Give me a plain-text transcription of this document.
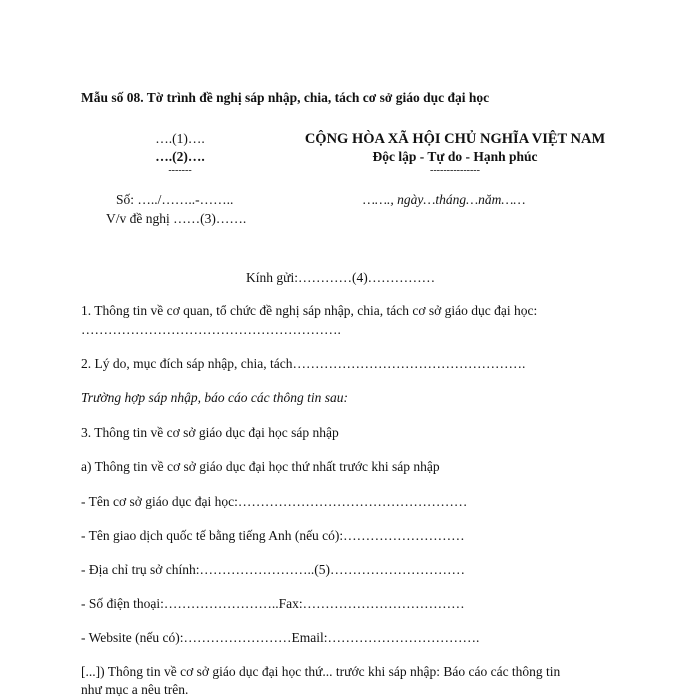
Mẫu số 08. Tờ trình đề nghị sáp nhập, chia, tách cơ sở giáo dục đại học
….(1)….
….(2)….
-------
CỘNG HÒA XÃ HỘI CHỦ NGHĨA VIỆT NAM
Độc lập - Tự do - Hạnh phúc
---------------
Số: …../……..-……..
V/v đề nghị ……(3)…….
……., ngày…tháng…năm……
Kính gửi:…………(4)……………
1. Thông tin về cơ quan, tổ chức đề nghị sáp nhập, chia, tách cơ sở giáo dục đại học:
………………………………………………….
2. Lý do, mục đích sáp nhập, chia, tách…………………………………………….
Trường hợp sáp nhập, báo cáo các thông tin sau:
3. Thông tin về cơ sở giáo dục đại học sáp nhập
a) Thông tin về cơ sở giáo dục đại học thứ nhất trước khi sáp nhập
- Tên cơ sở giáo dục đại học:……………………………………………
- Tên giao dịch quốc tế bằng tiếng Anh (nếu có):………………………
- Địa chỉ trụ sở chính:……………………..(5)…………………………
- Số điện thoại:……………………..Fax:………………………………
- Website (nếu có):……………………Email:…………………………….
[...]) Thông tin về cơ sở giáo dục đại học thứ... trước khi sáp nhập: Báo cáo các thông tin
như mục a nêu trên.
